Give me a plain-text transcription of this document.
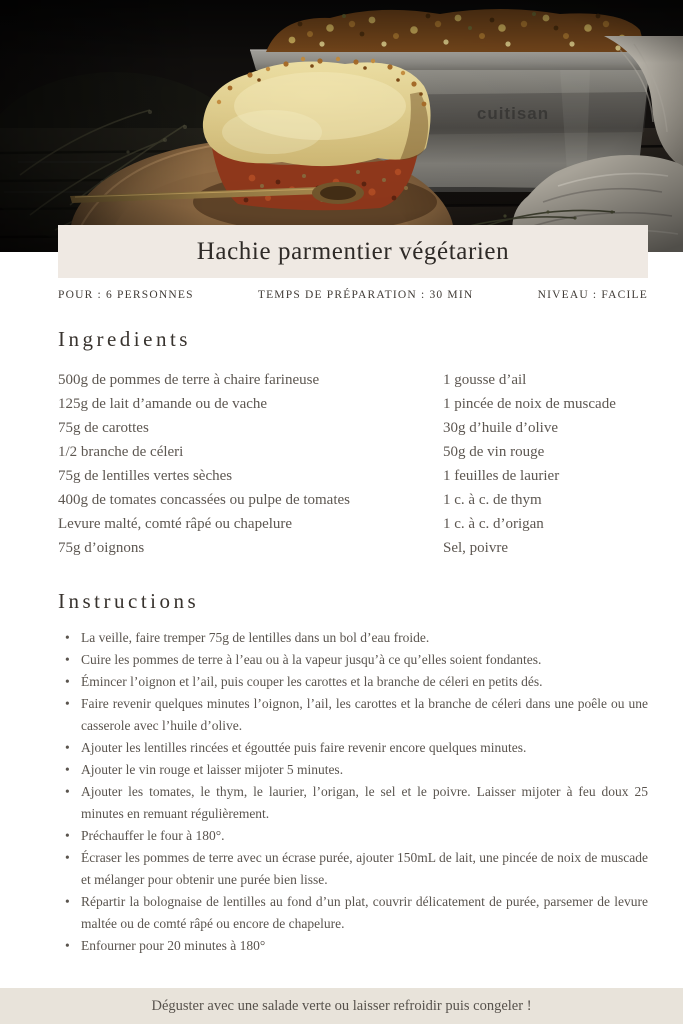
Hachie parmentier végétarien
POUR : 6 PERSONNES	TEMPS DE PRÉPARATION : 30 MIN	NIVEAU : FACILE
Ingredients
500g de pommes de terre à chaire farineuse
125g de lait d’amande ou de vache
75g de carottes
1/2 branche de céleri
75g de lentilles vertes sèches
400g de tomates concassées ou pulpe de tomates
Levure malté, comté râpé ou chapelure
75g d’oignons
1 gousse d’ail
1 pincée de noix de muscade
30g d’huile d’olive
50g de vin rouge
1 feuilles de laurier
1 c. à c. de thym
1 c. à c. d’origan
Sel, poivre
Instructions
• La veille, faire tremper 75g de lentilles dans un bol d’eau froide.
• Cuire les pommes de terre à l’eau ou à la vapeur jusqu’à ce qu’elles soient fondantes.
• Émincer l’oignon et l’ail, puis couper les carottes et la branche de céleri en petits dés.
• Faire revenir quelques minutes l’oignon, l’ail, les carottes et la branche de céleri dans une poêle ou une casserole avec l’huile d’olive.
• Ajouter les lentilles rincées et égouttée puis faire revenir encore quelques minutes.
• Ajouter le vin rouge et laisser mijoter 5 minutes.
• Ajouter les tomates, le thym, le laurier, l’origan, le sel et le poivre. Laisser mijoter à feu doux 25 minutes en remuant régulièrement.
• Préchauffer le four à 180°.
• Écraser les pommes de terre avec un écrase purée, ajouter 150mL de lait, une pincée de noix de muscade et mélanger pour obtenir une purée bien lisse.
• Répartir la bolognaise de lentilles au fond d’un plat, couvrir délicatement de purée, parsemer de levure maltée ou de comté râpé ou encore de chapelure.
• Enfourner pour 20 minutes à 180°
Déguster avec une salade verte ou laisser refroidir puis congeler !
